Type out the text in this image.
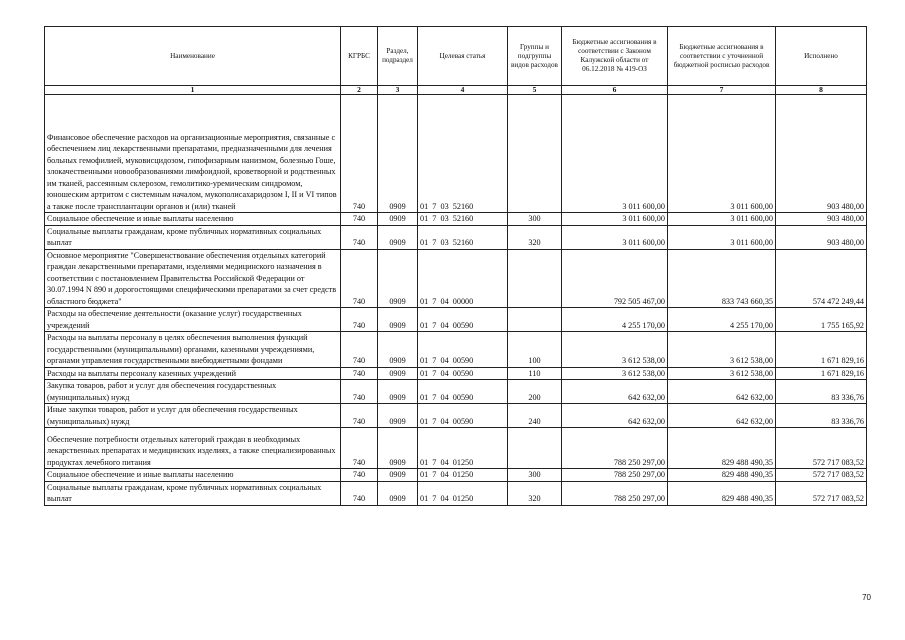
Наименование	КГРБС	Раздел, подраздел	Целевая статья	Группы и подгруппы видов расходов	Бюджетные ассигнования в соответствии с Законом Калужской области от 06.12.2018 № 419-ОЗ	Бюджетные ассигнования в соответствии с уточненной бюджетной росписью расходов	Исполнено
1	2	3	4	5	6	7	8
Финансовое обеспечение расходов на организационные мероприятия, связанные с обеспечением лиц лекарственными препаратами, предназначенными для лечения больных гемофилией, муковисцидозом, гипофизарным нанизмом, болезнью Гоше, злокачественными новообразованиями лимфоидной, кроветворной и родственных им тканей, рассеянным склерозом, гемолитико-уремическим синдромом, юношеским артритом с системным началом, мукополисахаридозом I, II и VI типов а также после трансплантации органов и (или) тканей	740	0909	01  7  03  52160		3 011 600,00	3 011 600,00	903 480,00
Социальное обеспечение и иные выплаты населению	740	0909	01  7  03  52160	300	3 011 600,00	3 011 600,00	903 480,00
Социальные выплаты гражданам, кроме публичных нормативных социальных выплат	740	0909	01  7  03  52160	320	3 011 600,00	3 011 600,00	903 480,00
Основное мероприятие "Совершенствование обеспечения отдельных категорий граждан лекарственными препаратами, изделиями медицинского назначения в соответствии с постановлением Правительства Российской Федерации от 30.07.1994 N 890 и дорогостоящими специфическими препаратами за счет средств областного бюджета"	740	0909	01  7  04  00000		792 505 467,00	833 743 660,35	574 472 249,44
Расходы на обеспечение деятельности (оказание услуг) государственных учреждений	740	0909	01  7  04  00590		4 255 170,00	4 255 170,00	1 755 165,92
Расходы на выплаты персоналу в целях обеспечения выполнения функций государственными (муниципальными) органами, казенными учреждениями, органами управления государственными внебюджетными фондами	740	0909	01  7  04  00590	100	3 612 538,00	3 612 538,00	1 671 829,16
Расходы на выплаты персоналу казенных учреждений	740	0909	01  7  04  00590	110	3 612 538,00	3 612 538,00	1 671 829,16
Закупка товаров, работ и услуг для обеспечения государственных (муниципальных) нужд	740	0909	01  7  04  00590	200	642 632,00	642 632,00	83 336,76
Иные закупки товаров, работ и услуг для обеспечения государственных (муниципальных) нужд	740	0909	01  7  04  00590	240	642 632,00	642 632,00	83 336,76
Обеспечение потребности отдельных категорий граждан в необходимых лекарственных препаратах и медицинских изделиях, а также специализированных продуктах лечебного питания	740	0909	01  7  04  01250		788 250 297,00	829 488 490,35	572 717 083,52
Социальное обеспечение и иные выплаты населению	740	0909	01  7  04  01250	300	788 250 297,00	829 488 490,35	572 717 083,52
Социальные выплаты гражданам, кроме публичных нормативных социальных выплат	740	0909	01  7  04  01250	320	788 250 297,00	829 488 490,35	572 717 083,52
70
